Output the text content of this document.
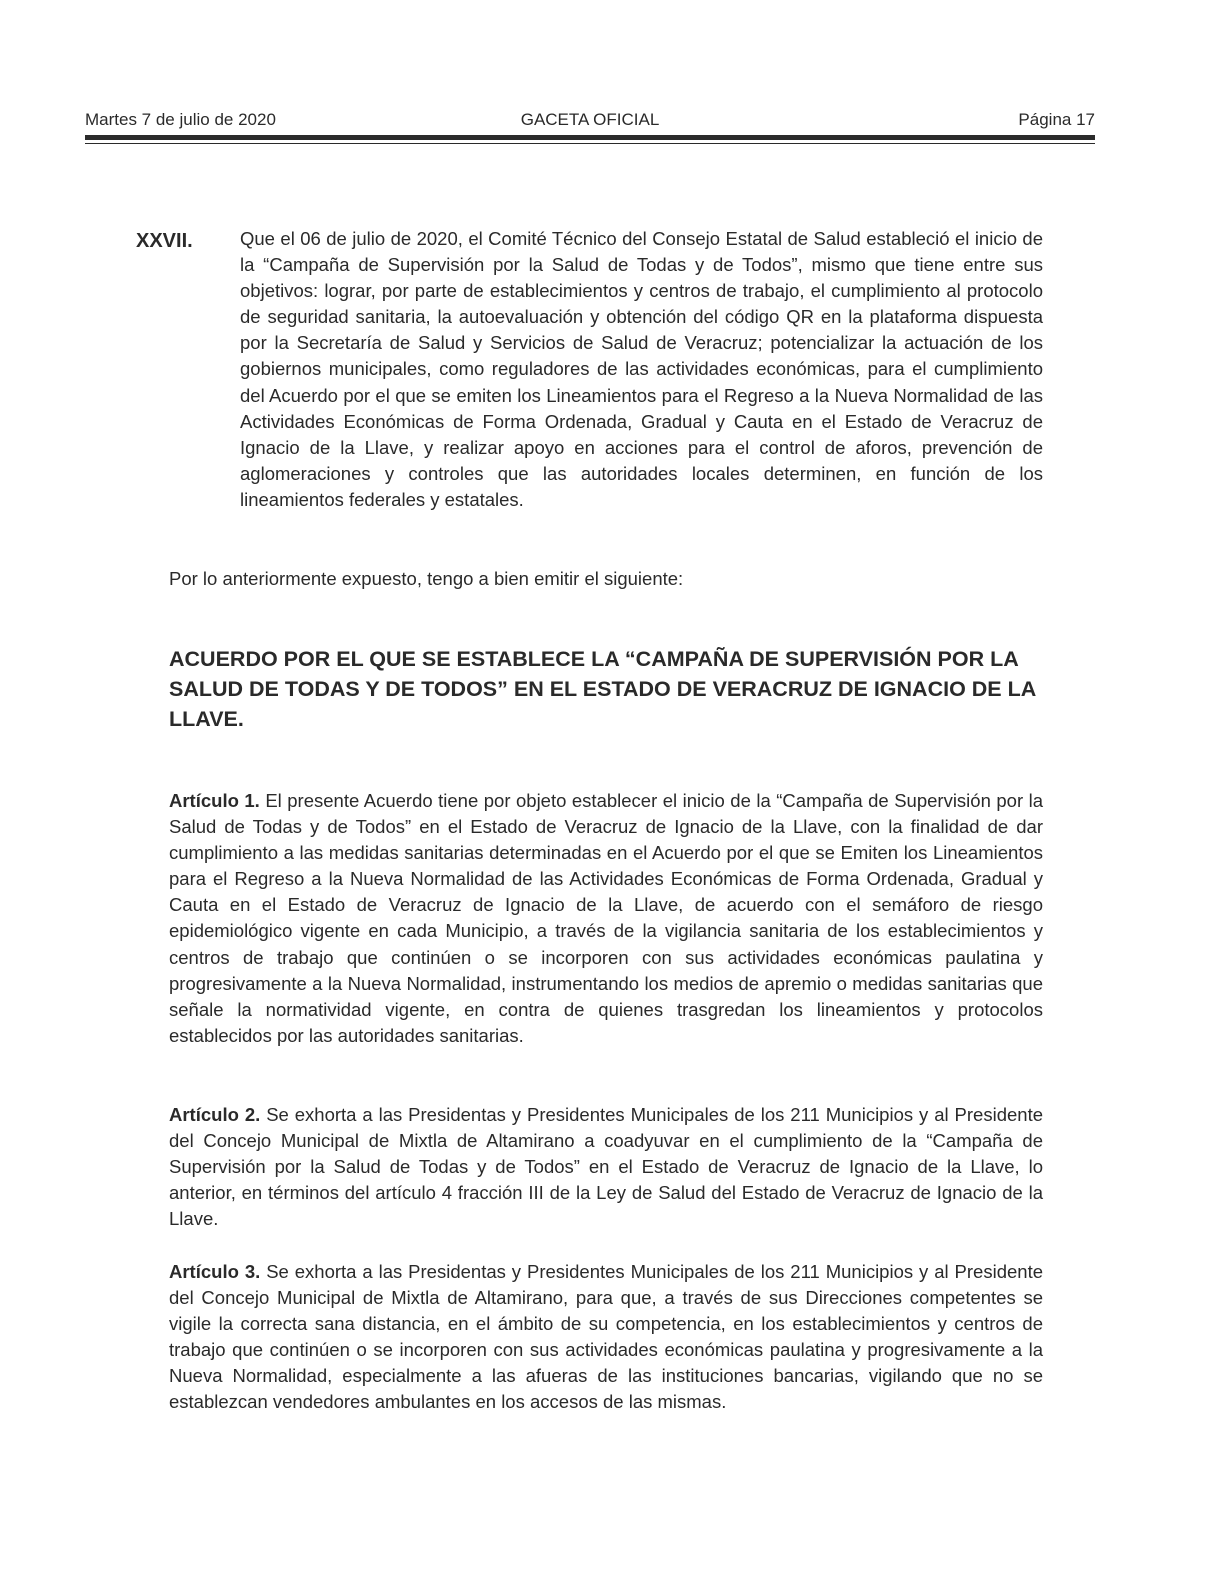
Martes 7 de julio de 2020	GACETA OFICIAL	Página 17
XXVII.	Que el 06 de julio de 2020, el Comité Técnico del Consejo Estatal de Salud estableció el inicio de la “Campaña de Supervisión por la Salud de Todas y de Todos”, mismo que tiene entre sus objetivos: lograr, por parte de establecimientos y centros de trabajo, el cumplimiento al protocolo de seguridad sanitaria, la autoevaluación y obtención del código QR en la plataforma dispuesta por la Secretaría de Salud y Servicios de Salud de Veracruz; potencializar la actuación de los gobiernos municipales, como reguladores de las actividades económicas, para el cumplimiento del Acuerdo por el que se emiten los Lineamientos para el Regreso a la Nueva Normalidad de las Actividades Económicas de Forma Ordenada, Gradual y Cauta en el Estado de Veracruz de Ignacio de la Llave, y realizar apoyo en acciones para el control de aforos, prevención de aglomeraciones y controles que las autoridades locales determinen, en función de los lineamientos federales y estatales.

Por lo anteriormente expuesto, tengo a bien emitir el siguiente:

ACUERDO POR EL QUE SE ESTABLECE LA “CAMPAÑA DE SUPERVISIÓN POR LA SALUD DE TODAS Y DE TODOS” EN EL ESTADO DE VERACRUZ DE IGNACIO DE LA LLAVE.

Artículo 1. El presente Acuerdo tiene por objeto establecer el inicio de la “Campaña de Supervisión por la Salud de Todas y de Todos” en el Estado de Veracruz de Ignacio de la Llave, con la finalidad de dar cumplimiento a las medidas sanitarias determinadas en el Acuerdo por el que se Emiten los Lineamientos para el Regreso a la Nueva Normalidad de las Actividades Económicas de Forma Ordenada, Gradual y Cauta en el Estado de Veracruz de Ignacio de la Llave, de acuerdo con el semáforo de riesgo epidemiológico vigente en cada Municipio, a través de la vigilancia sanitaria de los establecimientos y centros de trabajo que continúen o se incorporen con sus actividades económicas paulatina y progresivamente a la Nueva Normalidad, instrumentando los medios de apremio o medidas sanitarias que señale la normatividad vigente, en contra de quienes trasgredan los lineamientos y protocolos establecidos por las autoridades sanitarias.

Artículo 2. Se exhorta a las Presidentas y Presidentes Municipales de los 211 Municipios y al Presidente del Concejo Municipal de Mixtla de Altamirano a coadyuvar en el cumplimiento de la “Campaña de Supervisión por la Salud de Todas y de Todos” en el Estado de Veracruz de Ignacio de la Llave, lo anterior, en términos del artículo 4 fracción III de la Ley de Salud del Estado de Veracruz de Ignacio de la Llave.

Artículo 3. Se exhorta a las Presidentas y Presidentes Municipales de los 211 Municipios y al Presidente del Concejo Municipal de Mixtla de Altamirano, para que, a través de sus Direcciones competentes se vigile la correcta sana distancia, en el ámbito de su competencia, en los establecimientos y centros de trabajo que continúen o se incorporen con sus actividades económicas paulatina y progresivamente a la Nueva Normalidad, especialmente a las afueras de las instituciones bancarias, vigilando que no se establezcan vendedores ambulantes en los accesos de las mismas.
